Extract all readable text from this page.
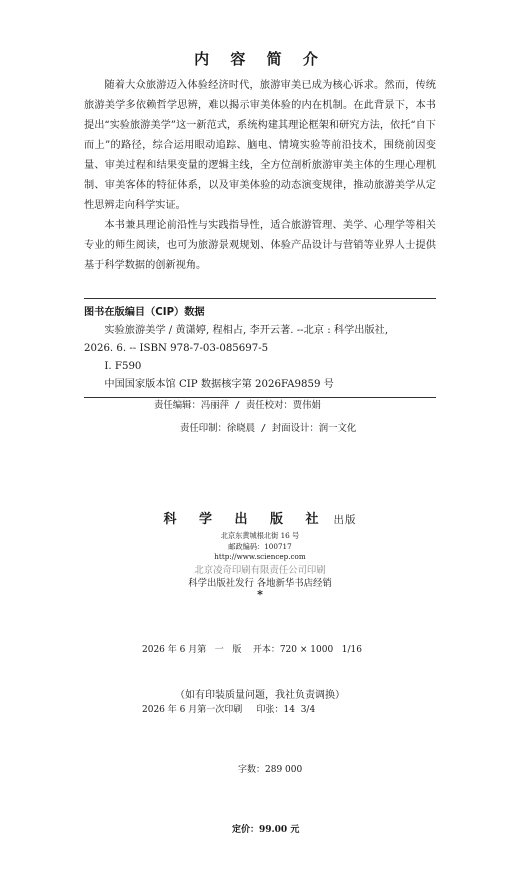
内 容 简 介

随着大众旅游迈入体验经济时代，旅游审美已成为核心诉求。然而，传统旅游美学多依赖哲学思辨，难以揭示审美体验的内在机制。在此背景下，本书提出“实验旅游美学”这一新范式，系统构建其理论框架和研究方法，依托“自下而上”的路径，综合运用眼动追踪、脑电、情境实验等前沿技术，围绕前因变量、审美过程和结果变量的逻辑主线，全方位剖析旅游审美主体的生理心理机制、审美客体的特征体系，以及审美体验的动态演变规律，推动旅游美学从定性思辨走向科学实证。

本书兼具理论前沿性与实践指导性，适合旅游管理、美学、心理学等相关专业的师生阅读，也可为旅游景观规划、体验产品设计与营销等业界人士提供基于科学数据的创新视角。

图书在版编目（CIP）数据
实验旅游美学 / 黄潇婷, 程相占, 李开云著. --北京 : 科学出版社,
2026. 6. -- ISBN 978-7-03-085697-5
Ⅰ. F590
中国国家版本馆 CIP 数据核字第 2026FA9859 号
责任编辑：冯丽萍 / 责任校对：贾伟娟
责任印制：徐晓晨 / 封面设计：润一文化
科 学 出 版 社 出版
北京东黄城根北街 16 号
邮政编码：100717
http://www.sciencep.com
北京凌奇印刷有限责任公司印刷
科学出版社发行 各地新华书店经销
*

2026 年 6 月第   一   版    开本：720 × 1000   1/16

2026 年 6 月第一次印刷     印张：14  3/4

字数：289 000

定价：99.00 元

（如有印装质量问题，我社负责调换）
